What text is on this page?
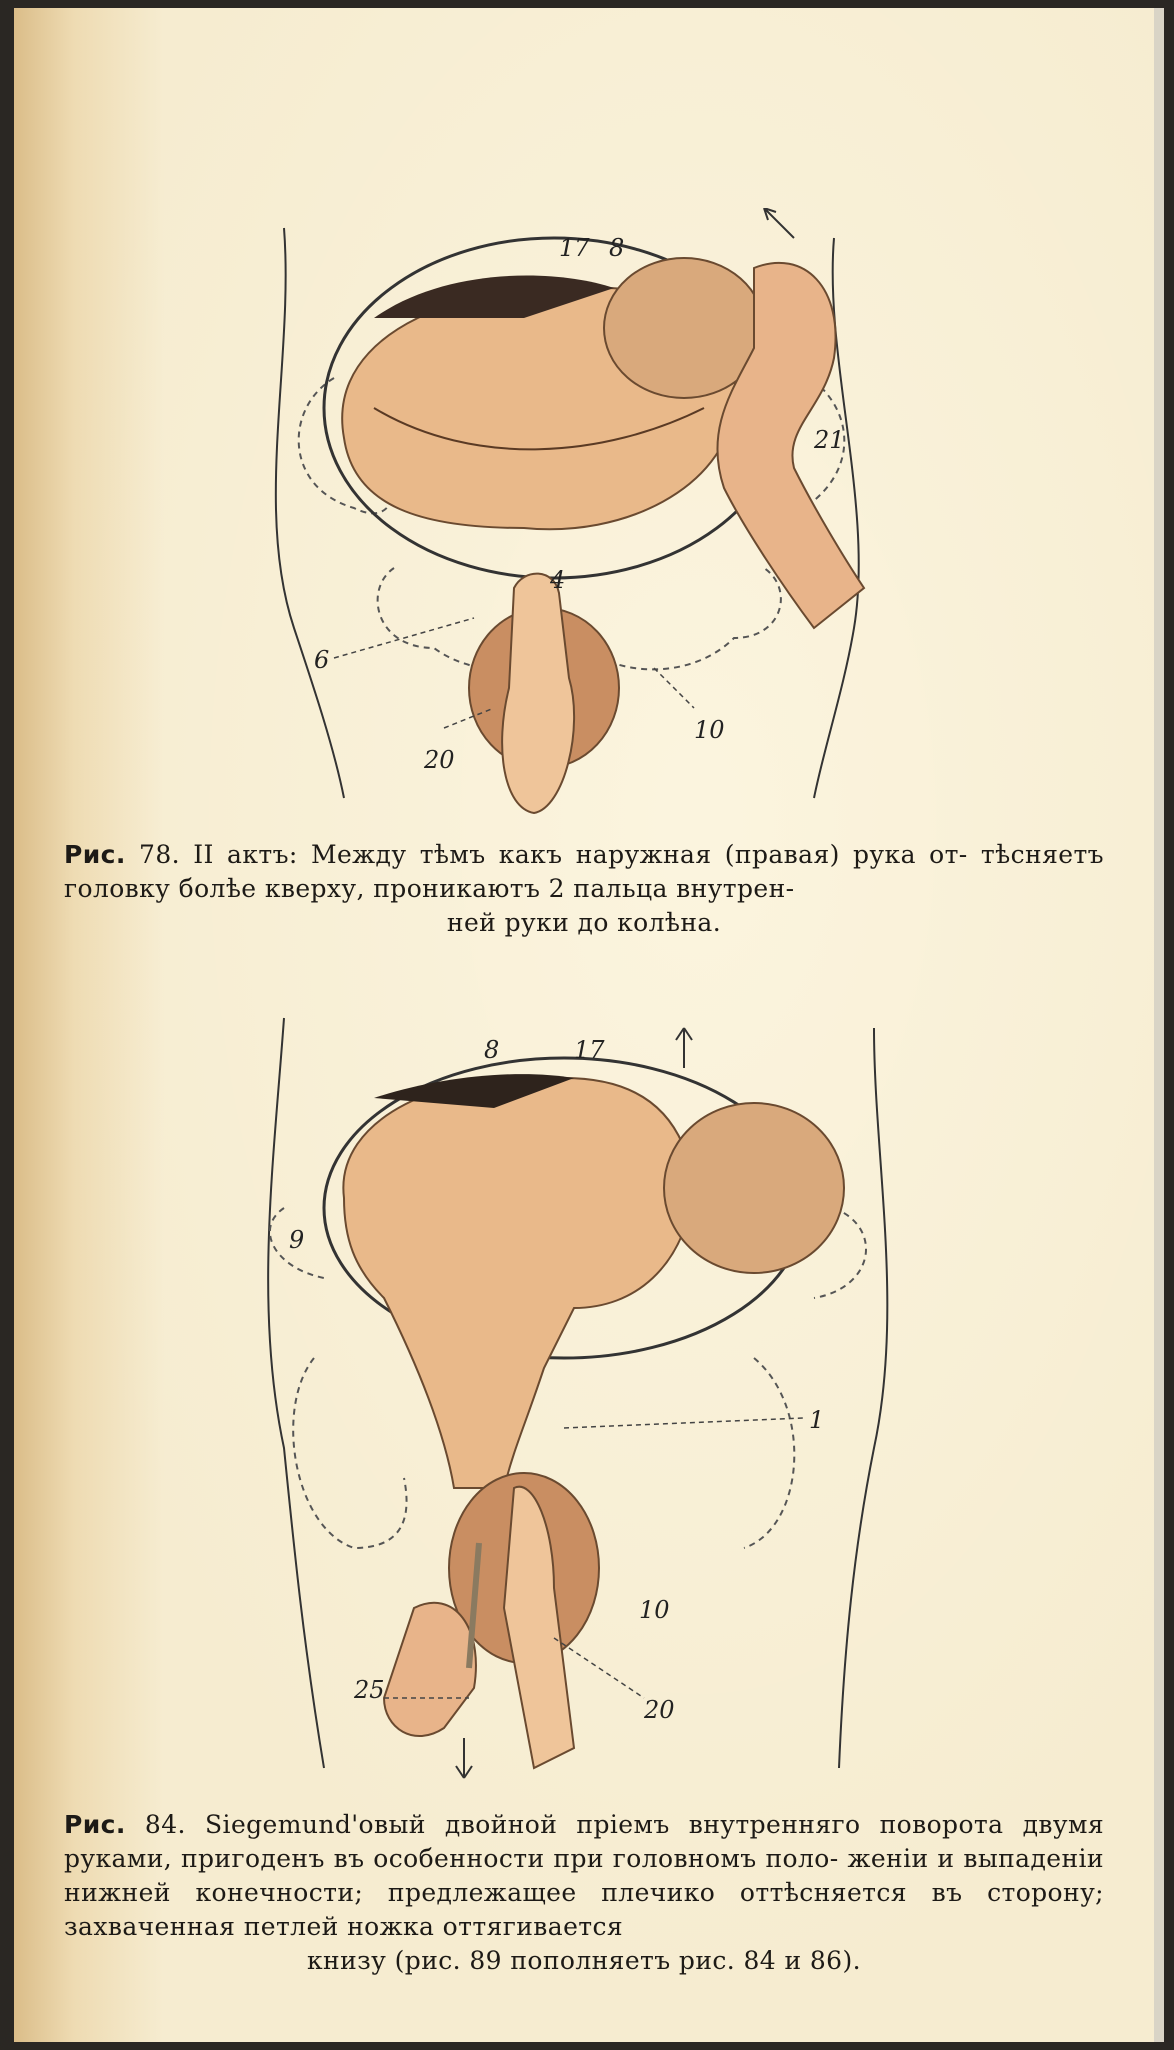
17 8
21
4
6
10
20
Рис. 78. II актъ: Между тѣмъ какъ наружная (правая) рука от- тѣсняетъ головку болѣе кверху, проникаютъ 2 пальца внутрен-
ней руки до колѣна.
8	17
9
1
10
25
20
Рис. 84. Siegemund'овый двойной пріемъ внутренняго поворота двумя руками, пригоденъ въ особенности при головномъ поло- женіи и выпаденіи нижней конечности; предлежащее плечико оттѣсняется въ сторону; захваченная петлей ножка оттягивается
книзу (рис. 89 пополняетъ рис. 84 и 86).
